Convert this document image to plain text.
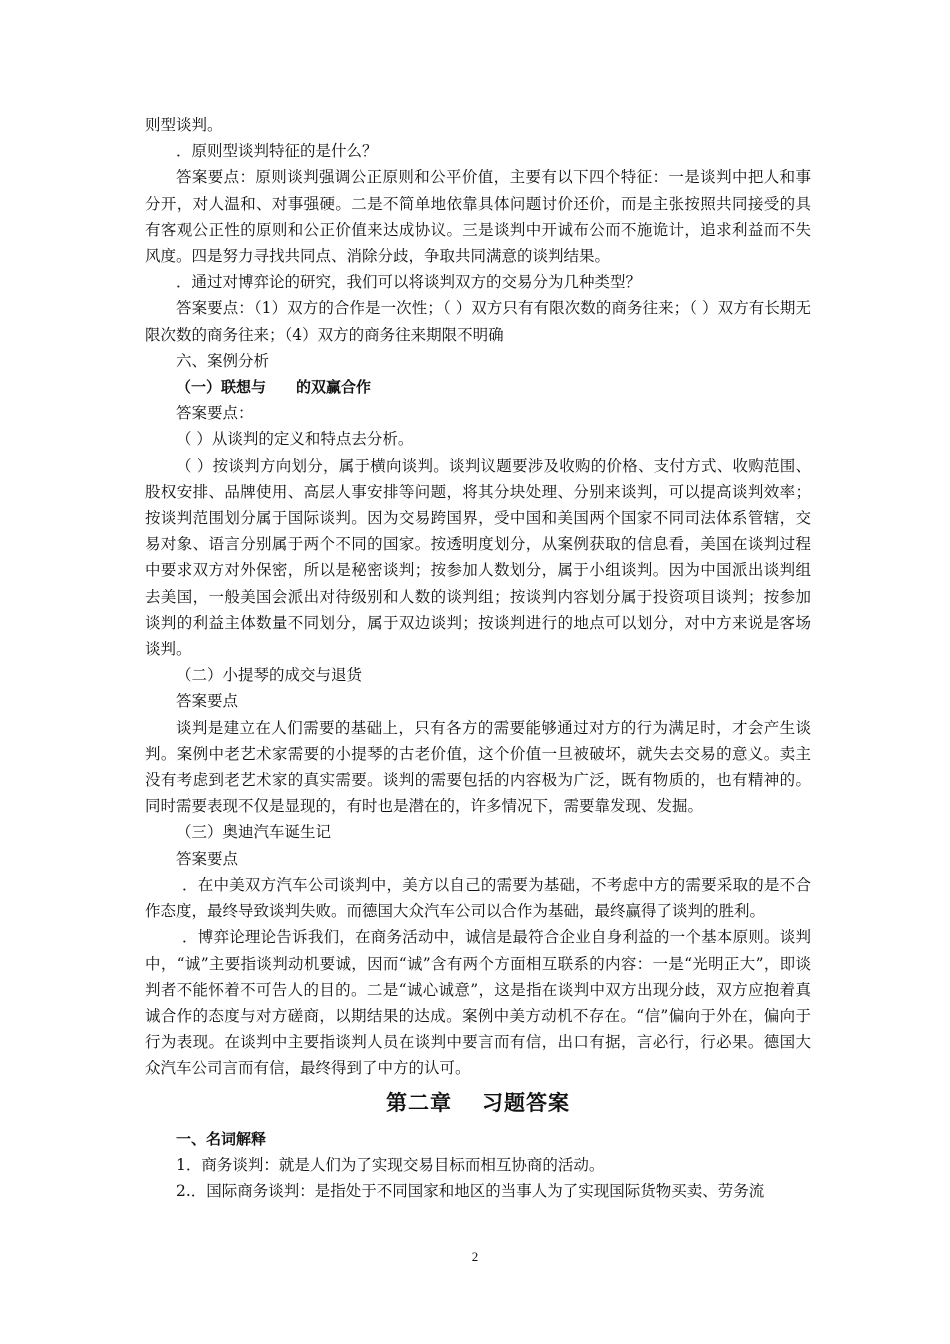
则型谈判。

．原则型谈判特征的是什么？

答案要点：原则谈判强调公正原则和公平价值，主要有以下四个特征：一是谈判中把人和事分开，对人温和、对事强硬。二是不简单地依靠具体问题讨价还价，而是主张按照共同接受的具有客观公正性的原则和公正价值来达成协议。三是谈判中开诚布公而不施诡计，追求利益而不失风度。四是努力寻找共同点、消除分歧，争取共同满意的谈判结果。

．通过对博弈论的研究，我们可以将谈判双方的交易分为几种类型？

答案要点：（1）双方的合作是一次性；（ ）双方只有有限次数的商务往来；（ ）双方有长期无限次数的商务往来；（4）双方的商务往来期限不明确

六、案例分析

（一）联想与　　的双赢合作

答案要点：

（ ）从谈判的定义和特点去分析。

（ ）按谈判方向划分，属于横向谈判。谈判议题要涉及收购的价格、支付方式、收购范围、股权安排、品牌使用、高层人事安排等问题，将其分块处理、分别来谈判，可以提高谈判效率；按谈判范围划分属于国际谈判。因为交易跨国界，受中国和美国两个国家不同司法体系管辖，交易对象、语言分别属于两个不同的国家。按透明度划分，从案例获取的信息看，美国在谈判过程中要求双方对外保密，所以是秘密谈判；按参加人数划分，属于小组谈判。因为中国派出谈判组去美国，一般美国会派出对待级别和人数的谈判组；按谈判内容划分属于投资项目谈判；按参加谈判的利益主体数量不同划分，属于双边谈判；按谈判进行的地点可以划分，对中方来说是客场谈判。

（二）小提琴的成交与退货

答案要点

谈判是建立在人们需要的基础上，只有各方的需要能够通过对方的行为满足时，才会产生谈判。案例中老艺术家需要的小提琴的古老价值，这个价值一旦被破坏，就失去交易的意义。卖主没有考虑到老艺术家的真实需要。谈判的需要包括的内容极为广泛，既有物质的，也有精神的。同时需要表现不仅是显现的，有时也是潜在的，许多情况下，需要靠发现、发掘。

（三）奥迪汽车诞生记

答案要点

．在中美双方汽车公司谈判中，美方以自己的需要为基础，不考虑中方的需要采取的是不合作态度，最终导致谈判失败。而德国大众汽车公司以合作为基础，最终赢得了谈判的胜利。

．博弈论理论告诉我们，在商务活动中，诚信是最符合企业自身利益的一个基本原则。谈判中，“诚”主要指谈判动机要诚，因而“诚”含有两个方面相互联系的内容：一是“光明正大”，即谈判者不能怀着不可告人的目的。二是“诚心诚意”，这是指在谈判中双方出现分歧，双方应抱着真诚合作的态度与对方磋商，以期结果的达成。案例中美方动机不存在。“信”偏向于外在，偏向于行为表现。在谈判中主要指谈判人员在谈判中要言而有信，出口有据，言必行，行必果。德国大众汽车公司言而有信，最终得到了中方的认可。

第二章 习题答案

一、名词解释

1．商务谈判：就是人们为了实现交易目标而相互协商的活动。

2.．国际商务谈判：是指处于不同国家和地区的当事人为了实现国际货物买卖、劳务流

2
